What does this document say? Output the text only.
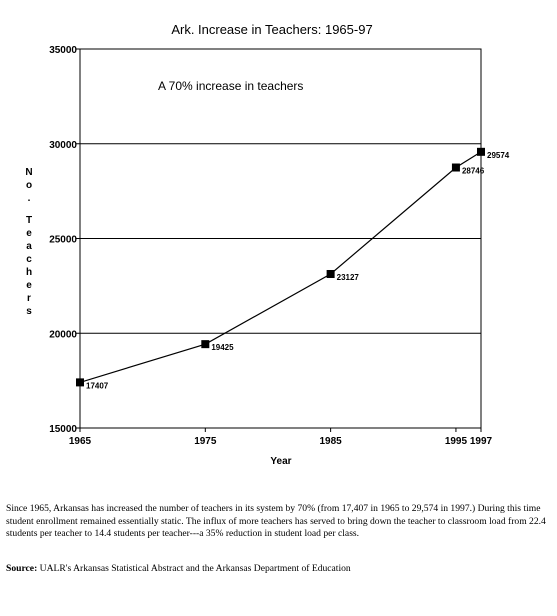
Ark. Increase in Teachers: 1965-97
A 70% increase in teachers
15000
20000
25000
30000
35000
1965	1975	1985	1995 1997
N
o
.
T
e
a
c
h
e
r
s
Year
17407
19425
23127
28746
29574

Since 1965, Arkansas has increased the number of teachers in its system by 70% (from 17,407 in 1965 to 29,574 in 1997.) During this time student enrollment remained essentially static. The influx of more teachers has served to bring down the teacher to classroom load from 22.4 students per teacher to 14.4 students per teacher---a 35% reduction in student load per class.

Source: UALR's Arkansas Statistical Abstract and the Arkansas Department of Education
